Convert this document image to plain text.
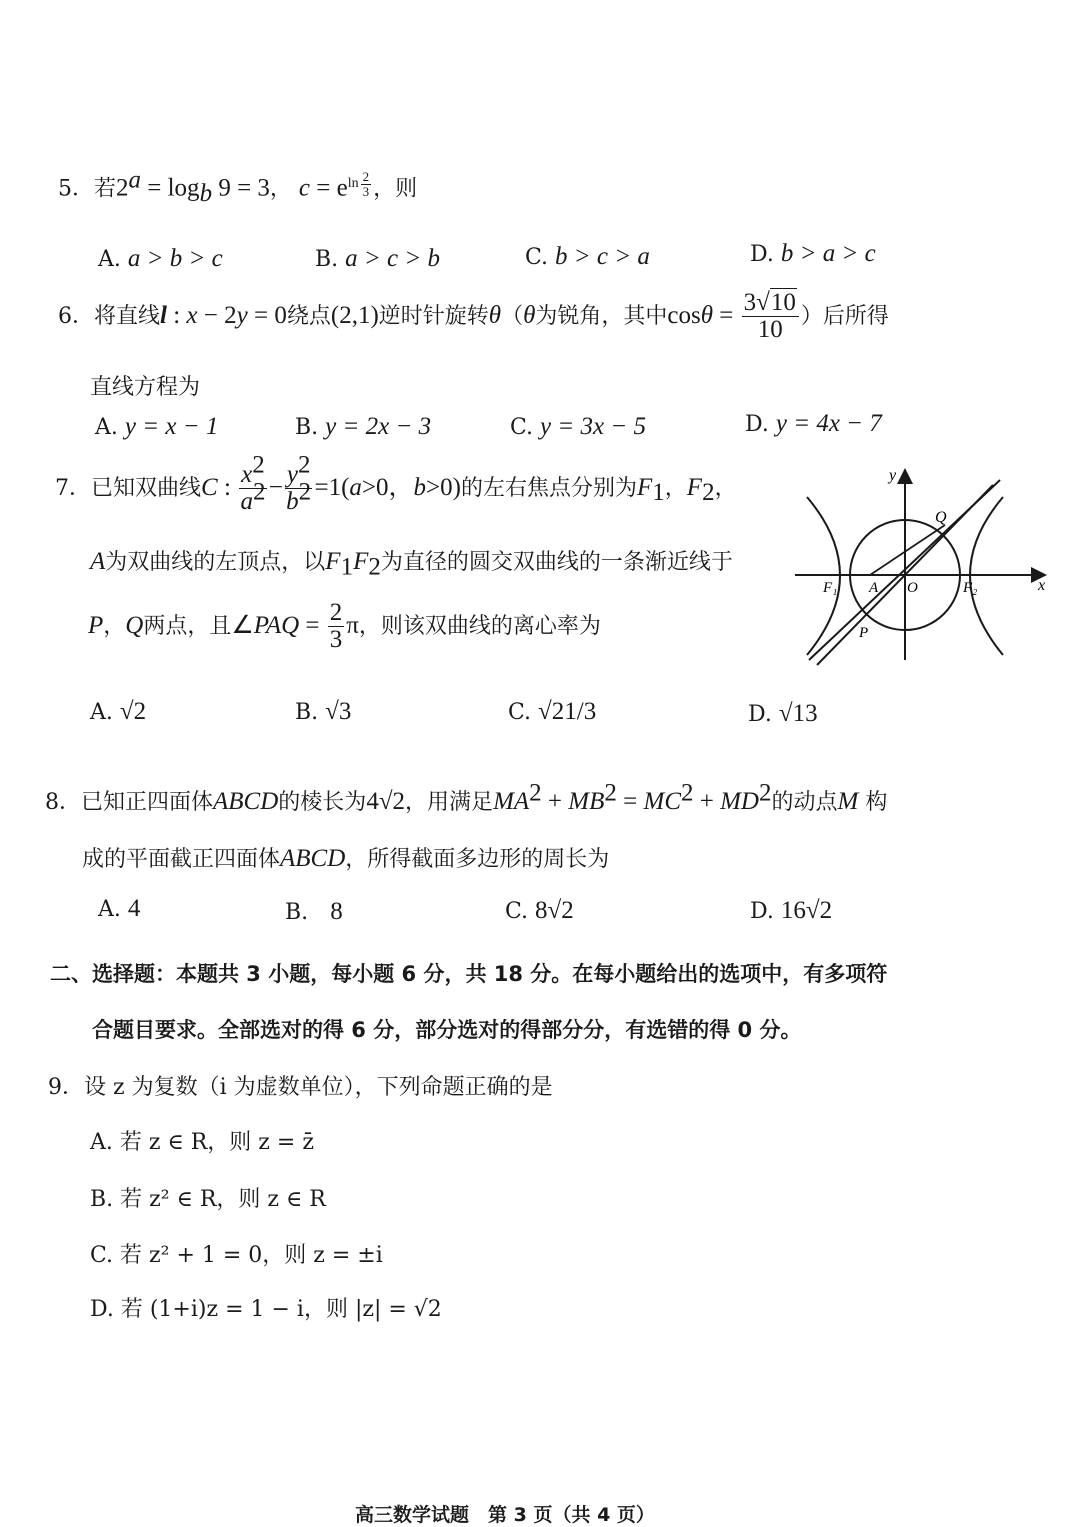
5．若$2^a = \log_b 9 = 3$， $c = e^{ln \frac{2}{3}}$ ，则
A. a > b > c	B. a > c > b	C. b > c > a	D. b > a > c
6．将直线l : x − 2y = 0绕点(2,1)逆时针旋转θ（θ为锐角，其中$\cos\theta = \frac{3√10}{10}$ ）后所得
直线方程为
A. y = x − 1	B. y = 2x − 3	C. y = 3x − 5	D. y = 4x − 7
7．已知双曲线C : $\frac{x^2}{a^2} - \frac{y^2}{b^2} =1(a>0$，b>0)的左右焦点分别为$F_1$，$F_2$，
A为双曲线的左顶点，以$F_1F_2$为直径的圆交双曲线的一条渐近线于
P，Q两点，且∠PAQ = $\frac{2}{3}$ π，则该双曲线的离心率为
y
x
Q
F₁ A O	F₂
P
A. √2	B. √3	C. √21/3	D. √13
8．已知正四面体ABCD的棱长为4√2，用满足$MA^2 + MB^2 = MC^2 + MD^2$的动点M 构
成的平面截正四面体ABCD，所得截面多边形的周长为
A. 4	B.　 8	C. 8√2	D. 16√2
二、选择题：本题共 3 小题，每小题 6 分，共 18 分。在每小题给出的选项中，有多项符
合题目要求。全部选对的得 6 分，部分选对的得部分分，有选错的得 0 分。
9．设 z 为复数（i 为虚数单位），下列命题正确的是
A. 若 z ∈ R，则 z = z̄
B. 若 z² ∈ R，则 z ∈ R
C. 若 z² + 1 = 0，则 z = ±i
D. 若 (1+i)z = 1 − i，则 |z| = √2
高三数学试题　第 3 页（共 4 页）
